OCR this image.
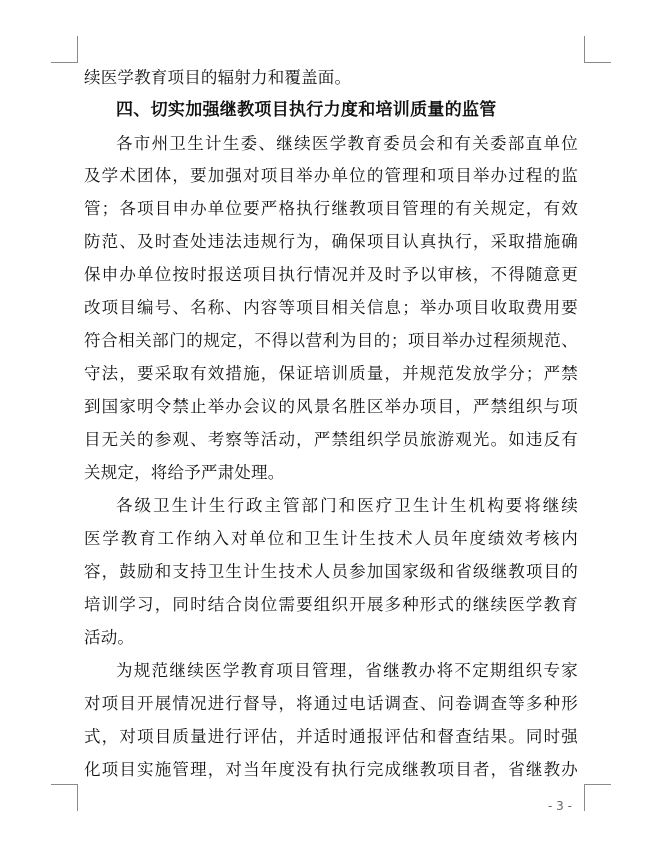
续医学教育项目的辐射力和覆盖面。
四、切实加强继教项目执行力度和培训质量的监管
各市州卫生计生委、继续医学教育委员会和有关委部直单位
及学术团体，要加强对项目举办单位的管理和项目举办过程的监
管；各项目申办单位要严格执行继教项目管理的有关规定，有效
防范、及时查处违法违规行为，确保项目认真执行，采取措施确
保申办单位按时报送项目执行情况并及时予以审核，不得随意更
改项目编号、名称、内容等项目相关信息；举办项目收取费用要
符合相关部门的规定，不得以营利为目的；项目举办过程须规范、
守法，要采取有效措施，保证培训质量，并规范发放学分；严禁
到国家明令禁止举办会议的风景名胜区举办项目，严禁组织与项
目无关的参观、考察等活动，严禁组织学员旅游观光。如违反有
关规定，将给予严肃处理。
各级卫生计生行政主管部门和医疗卫生计生机构要将继续
医学教育工作纳入对单位和卫生计生技术人员年度绩效考核内
容，鼓励和支持卫生计生技术人员参加国家级和省级继教项目的
培训学习，同时结合岗位需要组织开展多种形式的继续医学教育
活动。
为规范继续医学教育项目管理，省继教办将不定期组织专家
对项目开展情况进行督导，将通过电话调查、问卷调查等多种形
式，对项目质量进行评估，并适时通报评估和督查结果。同时强
化项目实施管理，对当年度没有执行完成继教项目者，省继教办
- 3 -
